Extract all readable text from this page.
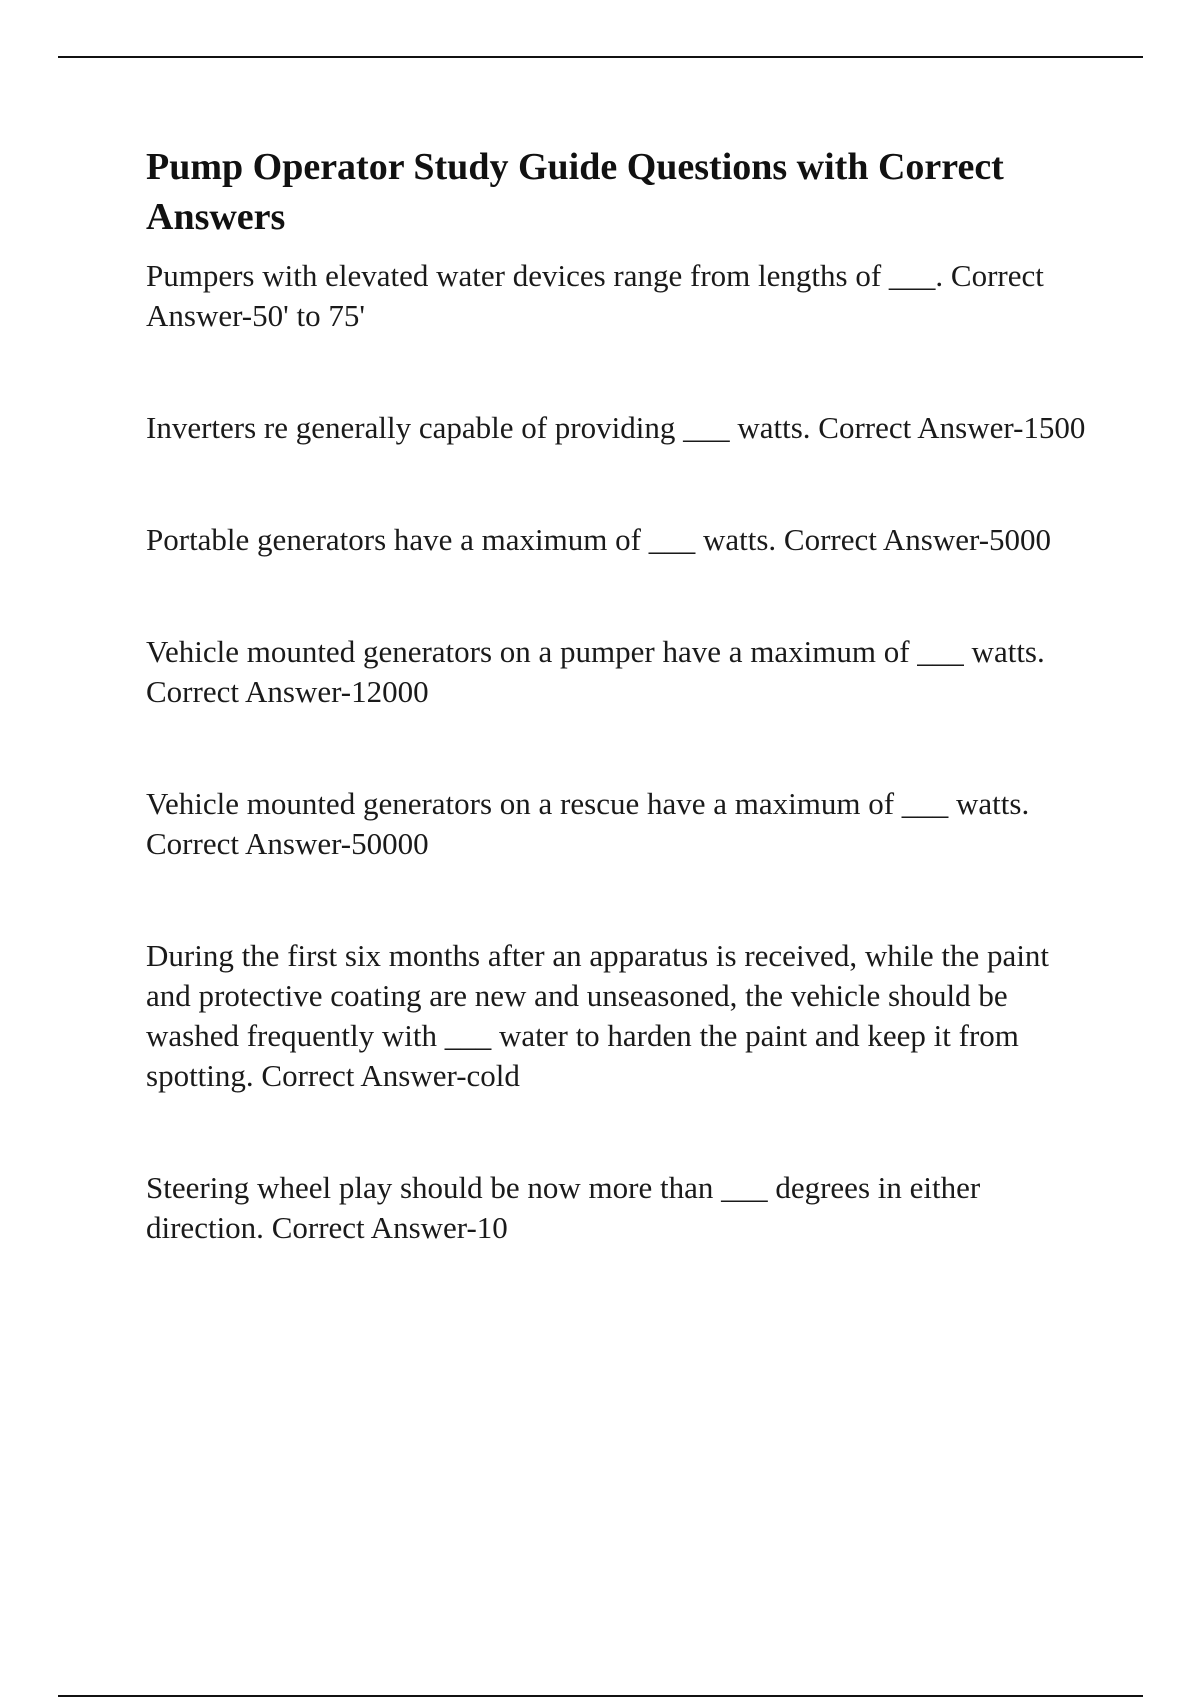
Pump Operator Study Guide Questions with Correct Answers
Pumpers with elevated water devices range from lengths of ___. Correct Answer-50' to 75'
Inverters re generally capable of providing ___ watts. Correct Answer-1500
Portable generators have a maximum of ___ watts. Correct Answer-5000
Vehicle mounted generators on a pumper have a maximum of ___ watts. Correct Answer-12000
Vehicle mounted generators on a rescue have a maximum of ___ watts. Correct Answer-50000
During the first six months after an apparatus is received, while the paint and protective coating are new and unseasoned, the vehicle should be washed frequently with ___ water to harden the paint and keep it from spotting. Correct Answer-cold
Steering wheel play should be now more than ___ degrees in either direction. Correct Answer-10
